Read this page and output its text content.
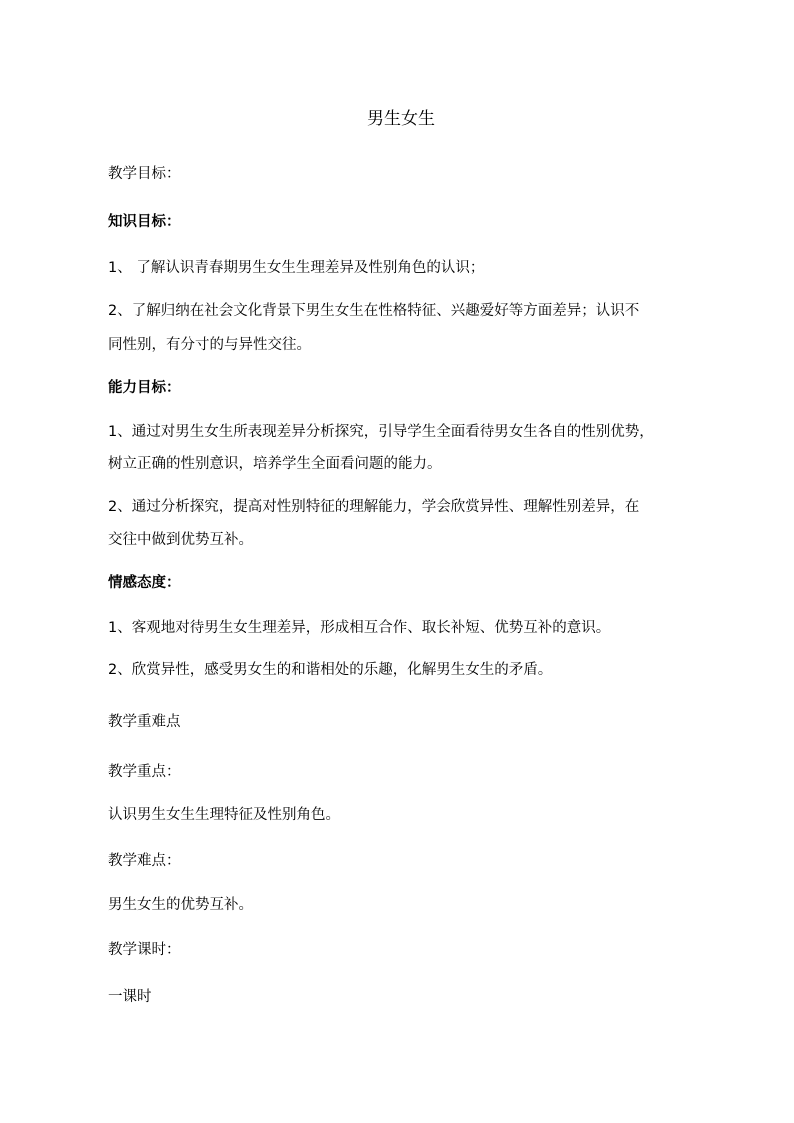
男生女生
教学目标：
知识目标：
1、 了解认识青春期男生女生生理差异及性别角色的认识；
2、了解归纳在社会文化背景下男生女生在性格特征、兴趣爱好等方面差异；认识不
同性别，有分寸的与异性交往。
能力目标：
1、通过对男生女生所表现差异分析探究，引导学生全面看待男女生各自的性别优势，
树立正确的性别意识，培养学生全面看问题的能力。
2、通过分析探究，提高对性别特征的理解能力，学会欣赏异性、理解性别差异，在
交往中做到优势互补。
情感态度：
1、客观地对待男生女生理差异，形成相互合作、取长补短、优势互补的意识。
2、欣赏异性，感受男女生的和谐相处的乐趣，化解男生女生的矛盾。
教学重难点
教学重点：
认识男生女生生理特征及性别角色。
教学难点：
男生女生的优势互补。
教学课时：
一课时
